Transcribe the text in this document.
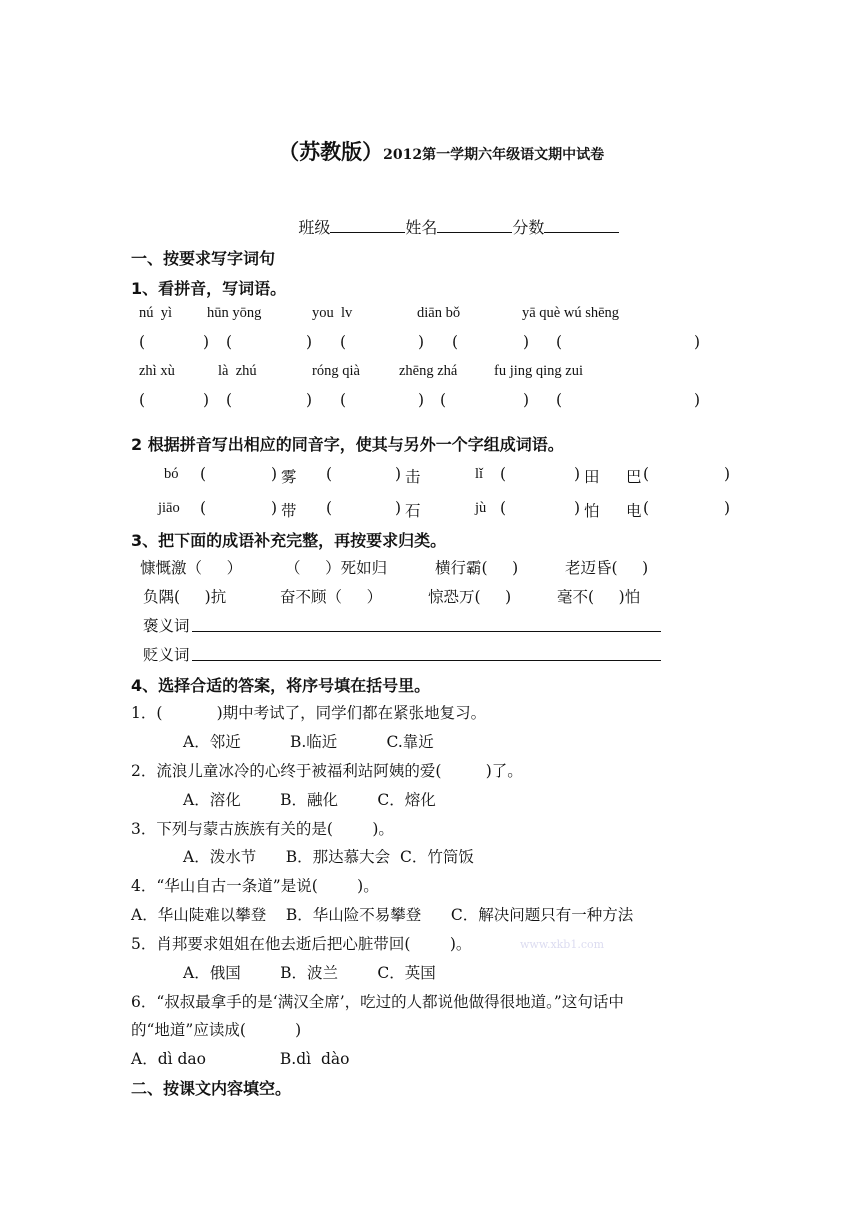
（苏教版）2012第一学期六年级语文期中试卷

班级	姓名	分数

一、按要求写字词句
1、看拼音，写词语。
nú  yì hūn yōng	you  lv	diān bǒ	yā què wú shēng
(	) (	) (	) (	) (	)
zhì xù	là  zhú	róng qià	zhēng zhá	fu jing qing zui
(	) (	) (	) (	) (	)
2 根据拼音写出相应的同音字，使其与另外一个字组成词语。
bó (	) 雾 (	) 击	lǐ (	) 田 巴 (	)
jiāo (	) 带 (	) 石	jù (	) 怕 电 (	)
3、把下面的成语补充完整，再按要求归类。
慷慨激（     ）	（     ）死如归	横行霸(     )	老迈昏(     )
负隅(     )抗	奋不顾（     ）	惊恐万(     )	毫不(     )怕
褒义词
贬义词
4、选择合适的答案，将序号填在括号里。
1．(           )期中考试了，同学们都在紧张地复习。
A．邻近          B.临近          C.靠近
2．流浪儿童冰冷的心终于被福利站阿姨的爱(         )了。
A．溶化        B．融化        C．熔化
3．下列与蒙古族族有关的是(        )。
A．泼水节      B．那达慕大会  C．竹筒饭
4．“华山自古一条道”是说(        )。
A．华山陡难以攀登    B．华山险不易攀登      C．解决问题只有一种方法
5．肖邦要求姐姐在他去逝后把心脏带回(        )。	www.xkb1.com
A．俄国        B．波兰        C．英国
6．“叔叔最拿手的是‘满汉全席’，吃过的人都说他做得很地道。”这句话中
的“地道”应读成(          )
A．dì dao               B.dì  dào
二、按课文内容填空。
